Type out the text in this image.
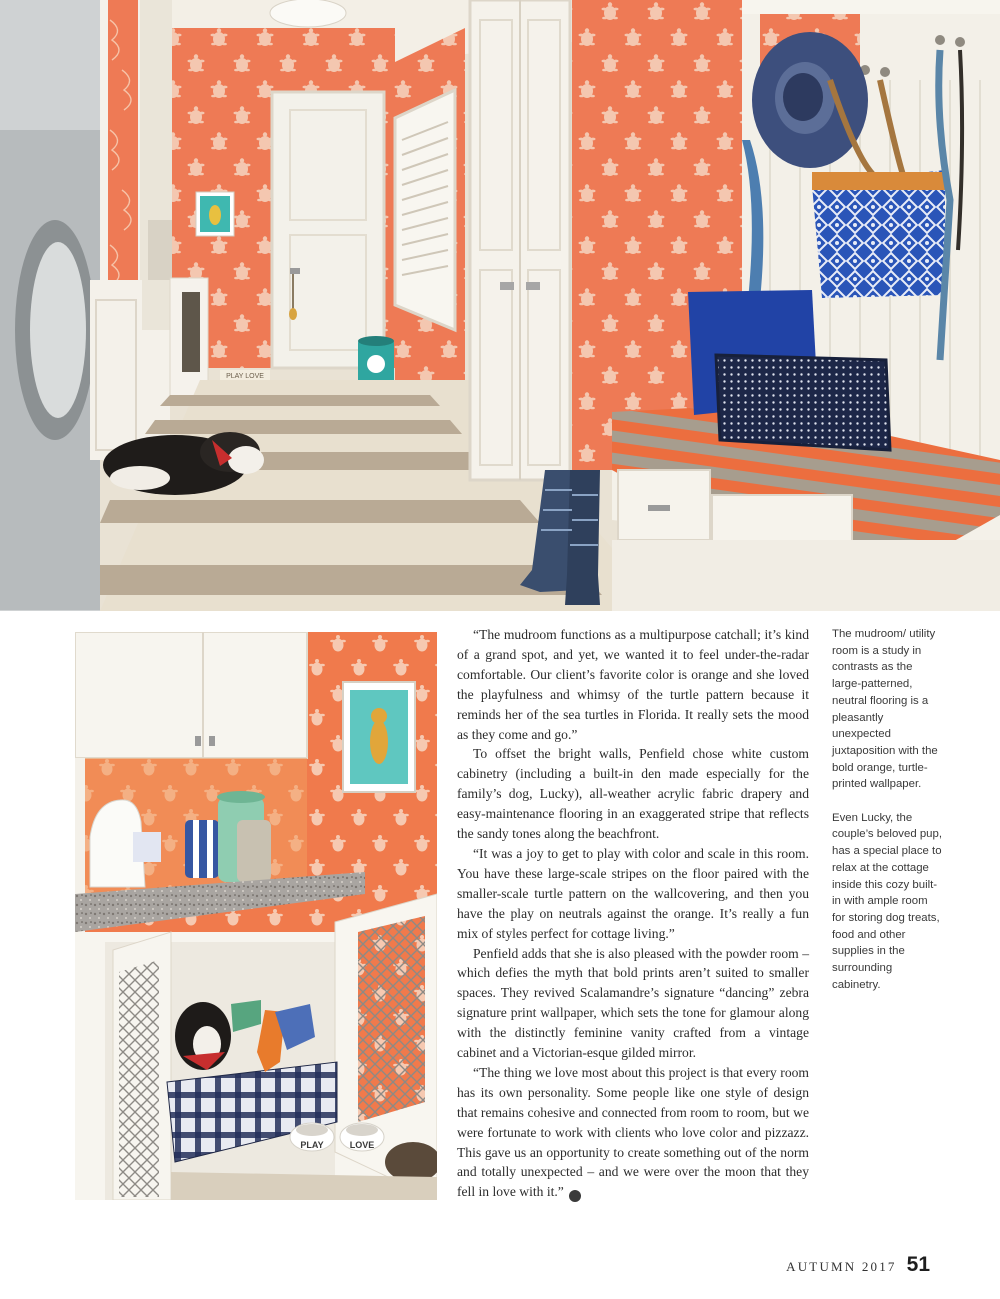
PLAY LOVE
PLAY	LOVE

“The mudroom functions as a multipurpose catchall; it’s kind of a grand spot, and yet, we wanted it to feel under-the-radar comfortable. Our client’s favorite color is orange and she loved the playfulness and whimsy of the turtle pattern because it reminds her of the sea turtles in Florida. It really sets the mood as they come and go.”

To offset the bright walls, Penfield chose white custom cabinetry (including a built-in den made especially for the family’s dog, Lucky), all-weather acrylic fabric drapery and easy-maintenance flooring in an exaggerated stripe that reflects the sandy tones along the beachfront.

“It was a joy to get to play with color and scale in this room. You have these large-scale stripes on the floor paired with the smaller-scale turtle pattern on the wallcovering, and then you have the play on neutrals against the orange. It’s really a fun mix of styles perfect for cottage living.”

Penfield adds that she is also pleased with the powder room – which defies the myth that bold prints aren’t suited to smaller spaces. They revived Scalamandre’s signature “dancing” zebra signature print wallpaper, which sets the tone for glamour along with the distinctly feminine vanity crafted from a vintage cabinet and a Victorian-esque gilded mirror.

“The thing we love most about this project is that every room has its own personality. Some people like one style of design that remains cohesive and connected from room to room, but we were fortunate to work with clients who love color and pizzazz. This gave us an opportunity to create something out of the norm and totally unexpected – and we were over the moon that they fell in love with it.”	AE

The mudroom/ utility room is a study in contrasts as the large-patterned, neutral flooring is a pleasantly unexpected juxtaposition with the bold orange, turtle-printed wallpaper.

Even Lucky, the couple’s beloved pup, has a special place to relax at the cottage inside this cozy built-in with ample room for storing dog treats, food and other supplies in the surrounding cabinetry.

AUTUMN 2017 51
